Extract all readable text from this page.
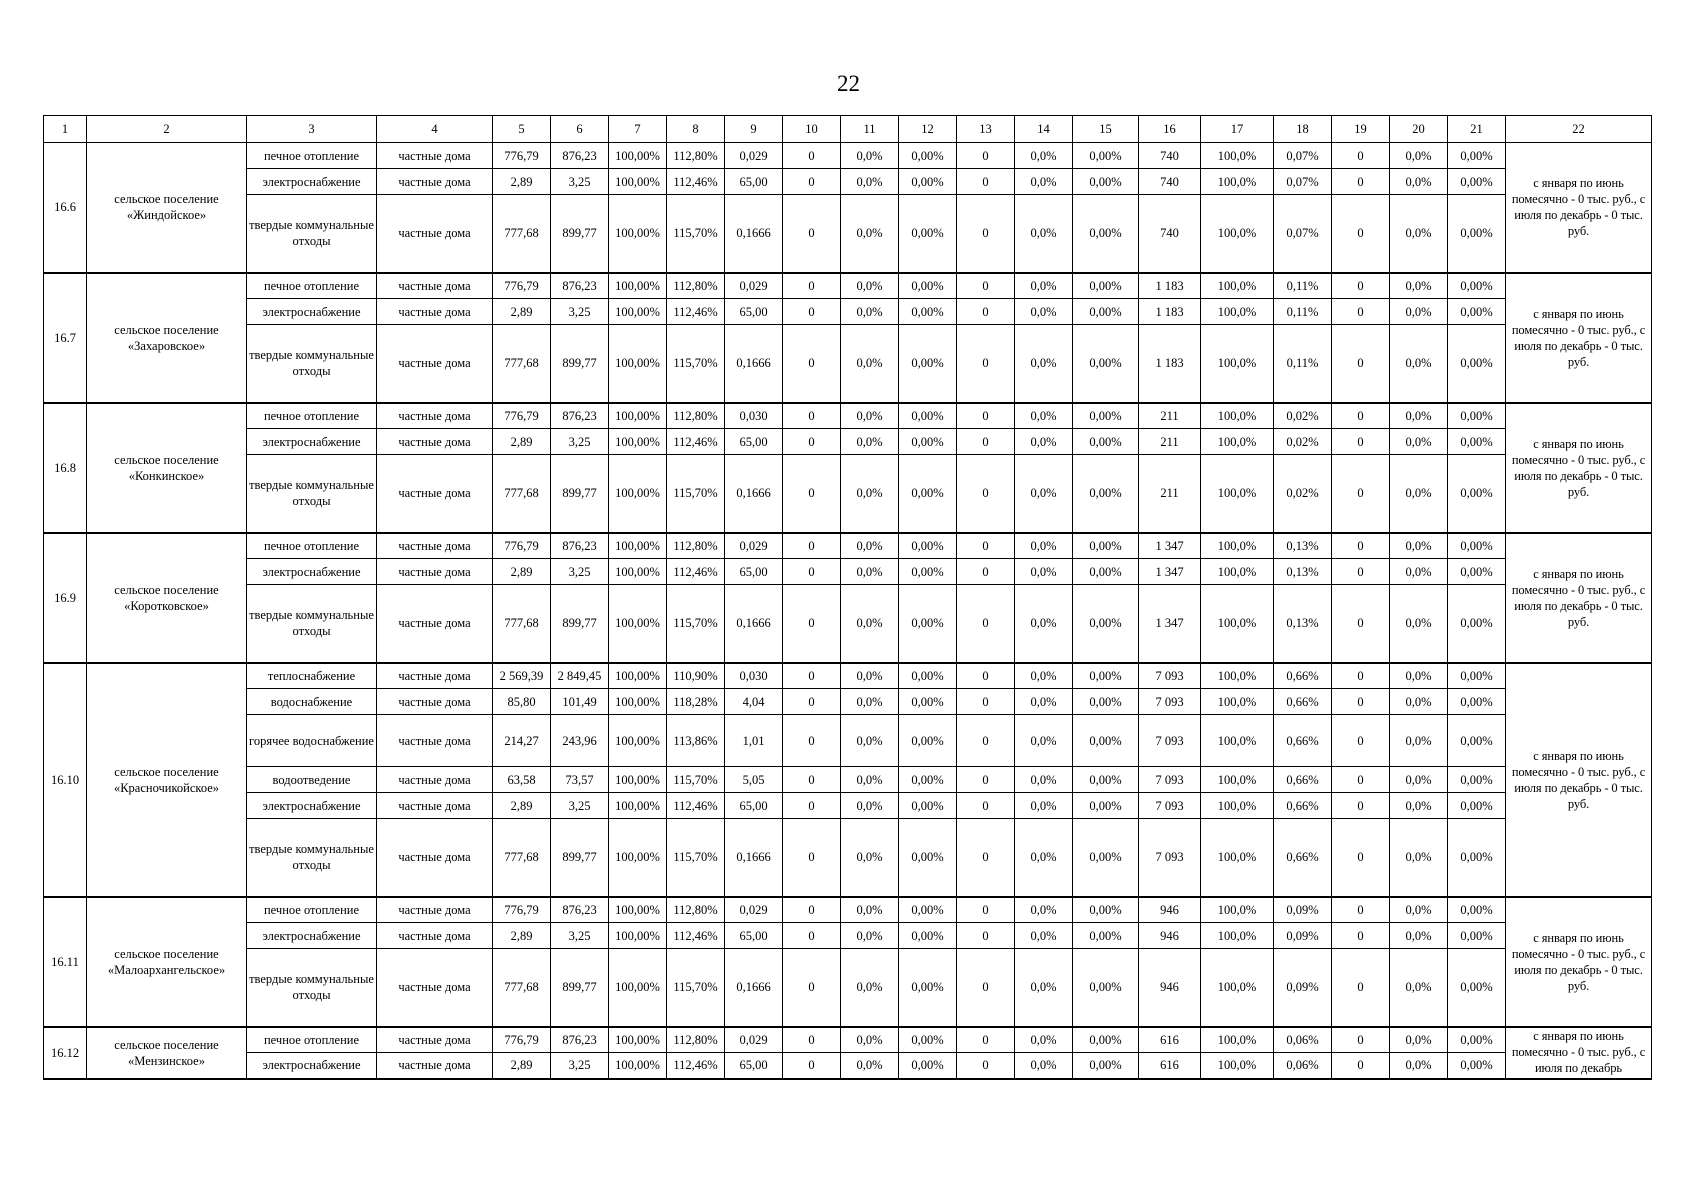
22
1	2	3	4	5	6	7	8	9	10	11	12	13	14	15	16	17	18	19	20	21	22
16.6	сельское поселение «Жиндойское»	печное отопление	частные дома	776,79	876,23	100,00%	112,80%	0,029	0	0,0%	0,00%	0	0,0%	0,00%	740	100,0%	0,07%	0	0,0%	0,00%	с января по июнь помесячно - 0 тыс. руб., с июля по декабрь - 0 тыс. руб.
		электроснабжение	частные дома	2,89	3,25	100,00%	112,46%	65,00	0	0,0%	0,00%	0	0,0%	0,00%	740	100,0%	0,07%	0	0,0%	0,00%	
		твердые коммунальные отходы	частные дома	777,68	899,77	100,00%	115,70%	0,1666	0	0,0%	0,00%	0	0,0%	0,00%	740	100,0%	0,07%	0	0,0%	0,00%	
16.7	сельское поселение «Захаровское»	печное отопление	частные дома	776,79	876,23	100,00%	112,80%	0,029	0	0,0%	0,00%	0	0,0%	0,00%	1 183	100,0%	0,11%	0	0,0%	0,00%	с января по июнь помесячно - 0 тыс. руб., с июля по декабрь - 0 тыс. руб.
		электроснабжение	частные дома	2,89	3,25	100,00%	112,46%	65,00	0	0,0%	0,00%	0	0,0%	0,00%	1 183	100,0%	0,11%	0	0,0%	0,00%	
		твердые коммунальные отходы	частные дома	777,68	899,77	100,00%	115,70%	0,1666	0	0,0%	0,00%	0	0,0%	0,00%	1 183	100,0%	0,11%	0	0,0%	0,00%	
16.8	сельское поселение «Конкинское»	печное отопление	частные дома	776,79	876,23	100,00%	112,80%	0,030	0	0,0%	0,00%	0	0,0%	0,00%	211	100,0%	0,02%	0	0,0%	0,00%	с января по июнь помесячно - 0 тыс. руб., с июля по декабрь - 0 тыс. руб.
		электроснабжение	частные дома	2,89	3,25	100,00%	112,46%	65,00	0	0,0%	0,00%	0	0,0%	0,00%	211	100,0%	0,02%	0	0,0%	0,00%	
		твердые коммунальные отходы	частные дома	777,68	899,77	100,00%	115,70%	0,1666	0	0,0%	0,00%	0	0,0%	0,00%	211	100,0%	0,02%	0	0,0%	0,00%	
16.9	сельское поселение «Коротковское»	печное отопление	частные дома	776,79	876,23	100,00%	112,80%	0,029	0	0,0%	0,00%	0	0,0%	0,00%	1 347	100,0%	0,13%	0	0,0%	0,00%	с января по июнь помесячно - 0 тыс. руб., с июля по декабрь - 0 тыс. руб.
		электроснабжение	частные дома	2,89	3,25	100,00%	112,46%	65,00	0	0,0%	0,00%	0	0,0%	0,00%	1 347	100,0%	0,13%	0	0,0%	0,00%	
		твердые коммунальные отходы	частные дома	777,68	899,77	100,00%	115,70%	0,1666	0	0,0%	0,00%	0	0,0%	0,00%	1 347	100,0%	0,13%	0	0,0%	0,00%	
16.10	сельское поселение «Красночикойское»	теплоснабжение	частные дома	2 569,39	2 849,45	100,00%	110,90%	0,030	0	0,0%	0,00%	0	0,0%	0,00%	7 093	100,0%	0,66%	0	0,0%	0,00%	с января по июнь помесячно - 0 тыс. руб., с июля по декабрь - 0 тыс. руб.
		водоснабжение	частные дома	85,80	101,49	100,00%	118,28%	4,04	0	0,0%	0,00%	0	0,0%	0,00%	7 093	100,0%	0,66%	0	0,0%	0,00%	
		горячее водоснабжение	частные дома	214,27	243,96	100,00%	113,86%	1,01	0	0,0%	0,00%	0	0,0%	0,00%	7 093	100,0%	0,66%	0	0,0%	0,00%	
		водоотведение	частные дома	63,58	73,57	100,00%	115,70%	5,05	0	0,0%	0,00%	0	0,0%	0,00%	7 093	100,0%	0,66%	0	0,0%	0,00%	
		электроснабжение	частные дома	2,89	3,25	100,00%	112,46%	65,00	0	0,0%	0,00%	0	0,0%	0,00%	7 093	100,0%	0,66%	0	0,0%	0,00%	
		твердые коммунальные отходы	частные дома	777,68	899,77	100,00%	115,70%	0,1666	0	0,0%	0,00%	0	0,0%	0,00%	7 093	100,0%	0,66%	0	0,0%	0,00%	
16.11	сельское поселение «Малоархангельское»	печное отопление	частные дома	776,79	876,23	100,00%	112,80%	0,029	0	0,0%	0,00%	0	0,0%	0,00%	946	100,0%	0,09%	0	0,0%	0,00%	с января по июнь помесячно - 0 тыс. руб., с июля по декабрь - 0 тыс. руб.
		электроснабжение	частные дома	2,89	3,25	100,00%	112,46%	65,00	0	0,0%	0,00%	0	0,0%	0,00%	946	100,0%	0,09%	0	0,0%	0,00%	
		твердые коммунальные отходы	частные дома	777,68	899,77	100,00%	115,70%	0,1666	0	0,0%	0,00%	0	0,0%	0,00%	946	100,0%	0,09%	0	0,0%	0,00%	
16.12	сельское поселение «Мензинское»	печное отопление	частные дома	776,79	876,23	100,00%	112,80%	0,029	0	0,0%	0,00%	0	0,0%	0,00%	616	100,0%	0,06%	0	0,0%	0,00%	с января по июнь помесячно - 0 тыс. руб., с июля по декабрь
		электроснабжение	частные дома	2,89	3,25	100,00%	112,46%	65,00	0	0,0%	0,00%	0	0,0%	0,00%	616	100,0%	0,06%	0	0,0%	0,00%	
